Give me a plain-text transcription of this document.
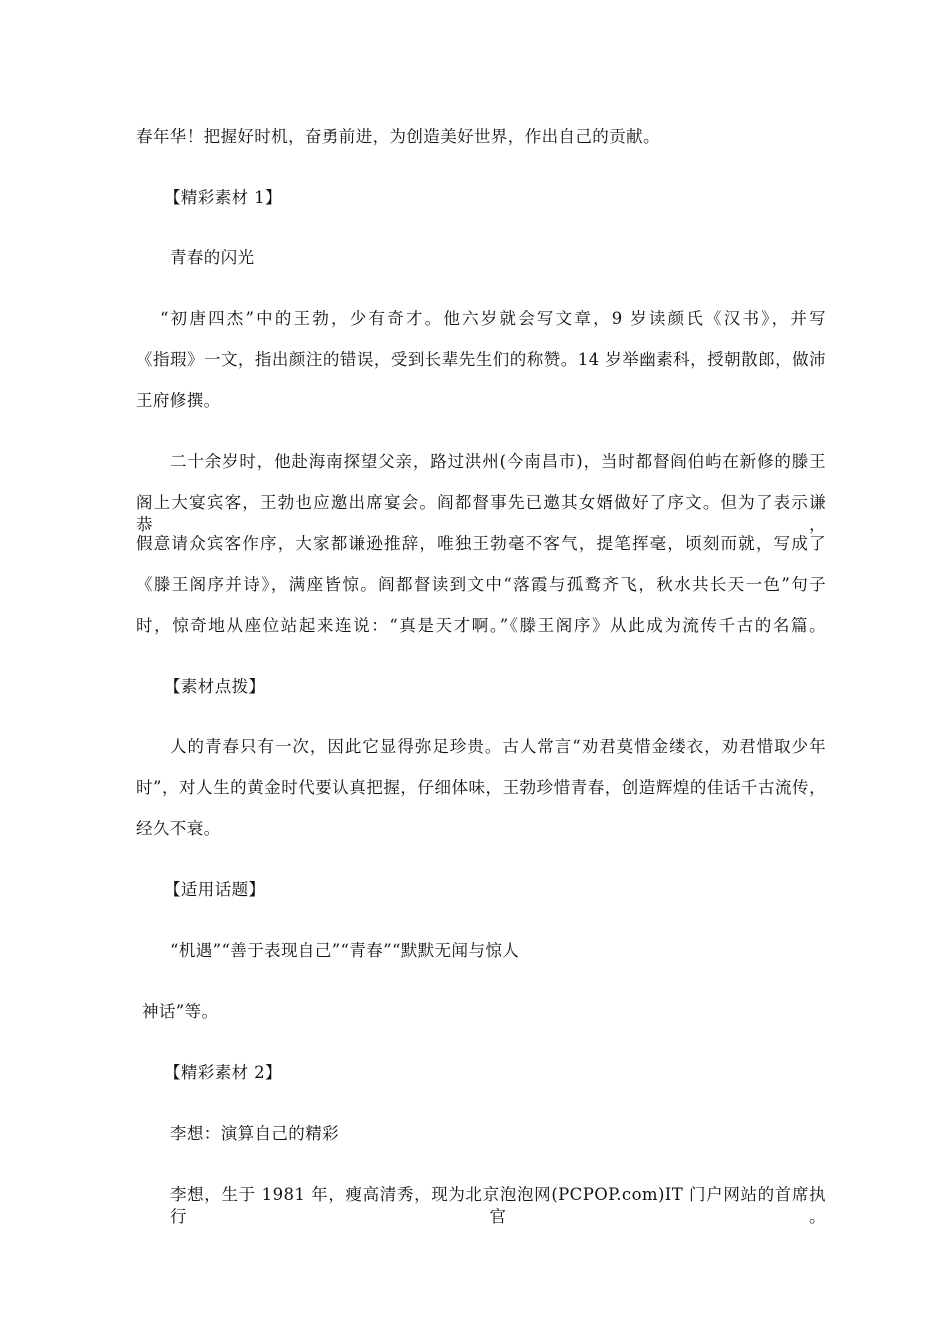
春年华！把握好时机，奋勇前进，为创造美好世界，作出自己的贡献。
【精彩素材 1】
青春的闪光
“初唐四杰”中的王勃，少有奇才。他六岁就会写文章，9 岁读颜氏《汉书》，并写
《指瑕》一文，指出颜注的错误，受到长辈先生们的称赞。14 岁举幽素科，授朝散郎，做沛
王府修撰。
二十余岁时，他赴海南探望父亲，路过洪州(今南昌市)，当时都督阎伯屿在新修的滕王
阁上大宴宾客，王勃也应邀出席宴会。阎都督事先已邀其女婿做好了序文。但为了表示谦恭，
假意请众宾客作序，大家都谦逊推辞，唯独王勃毫不客气，提笔挥毫，顷刻而就，写成了
《滕王阁序并诗》，满座皆惊。阎都督读到文中“落霞与孤鹜齐飞，秋水共长天一色”句子
时，惊奇地从座位站起来连说：“真是天才啊。”《滕王阁序》从此成为流传千古的名篇。
【素材点拨】
人的青春只有一次，因此它显得弥足珍贵。古人常言“劝君莫惜金缕衣，劝君惜取少年
时”，对人生的黄金时代要认真把握，仔细体味，王勃珍惜青春，创造辉煌的佳话千古流传，
经久不衰。
【适用话题】
“机遇”“善于表现自己”“青春”“默默无闻与惊人
神话”等。
【精彩素材 2】
李想：演算自己的精彩
李想，生于 1981 年，瘦高清秀，现为北京泡泡网(PCPOP.com)IT 门户网站的首席执行官。
